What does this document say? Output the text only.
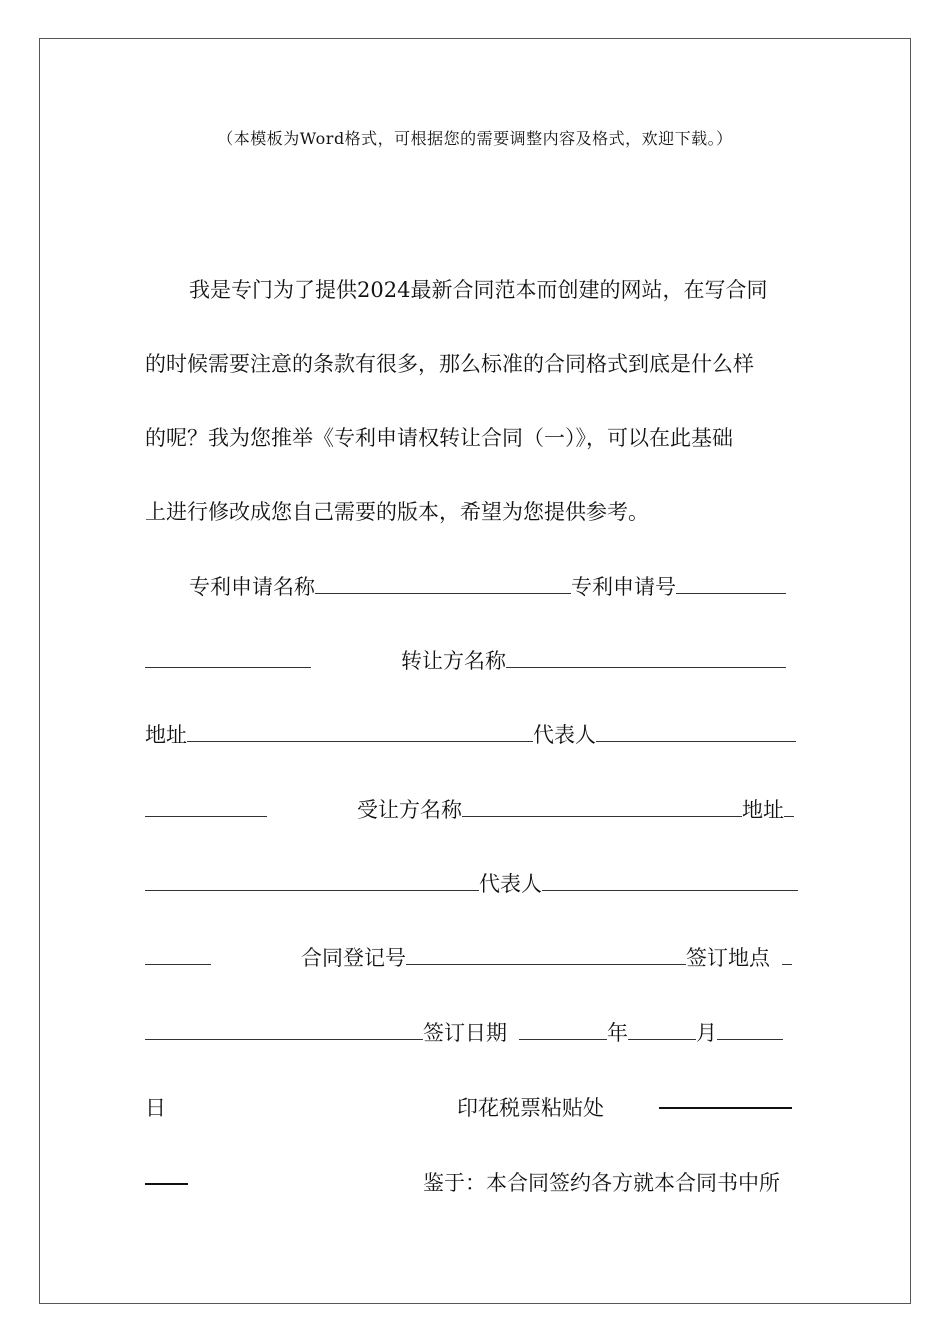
（本模板为Word格式，可根据您的需要调整内容及格式，欢迎下载。）
我是专门为了提供2024最新合同范本而创建的网站，在写合同
的时候需要注意的条款有很多，那么标准的合同格式到底是什么样
的呢？我为您推举《专利申请权转让合同（一）》，可以在此基础
上进行修改成您自己需要的版本，希望为您提供参考。
专利申请名称	专利申请号
转让方名称
地址	代表人
受让方名称	地址
代表人
合同登记号	签订地点
签订日期	年	月
日	印花税票粘贴处
鉴于：本合同签约各方就本合同书中所
